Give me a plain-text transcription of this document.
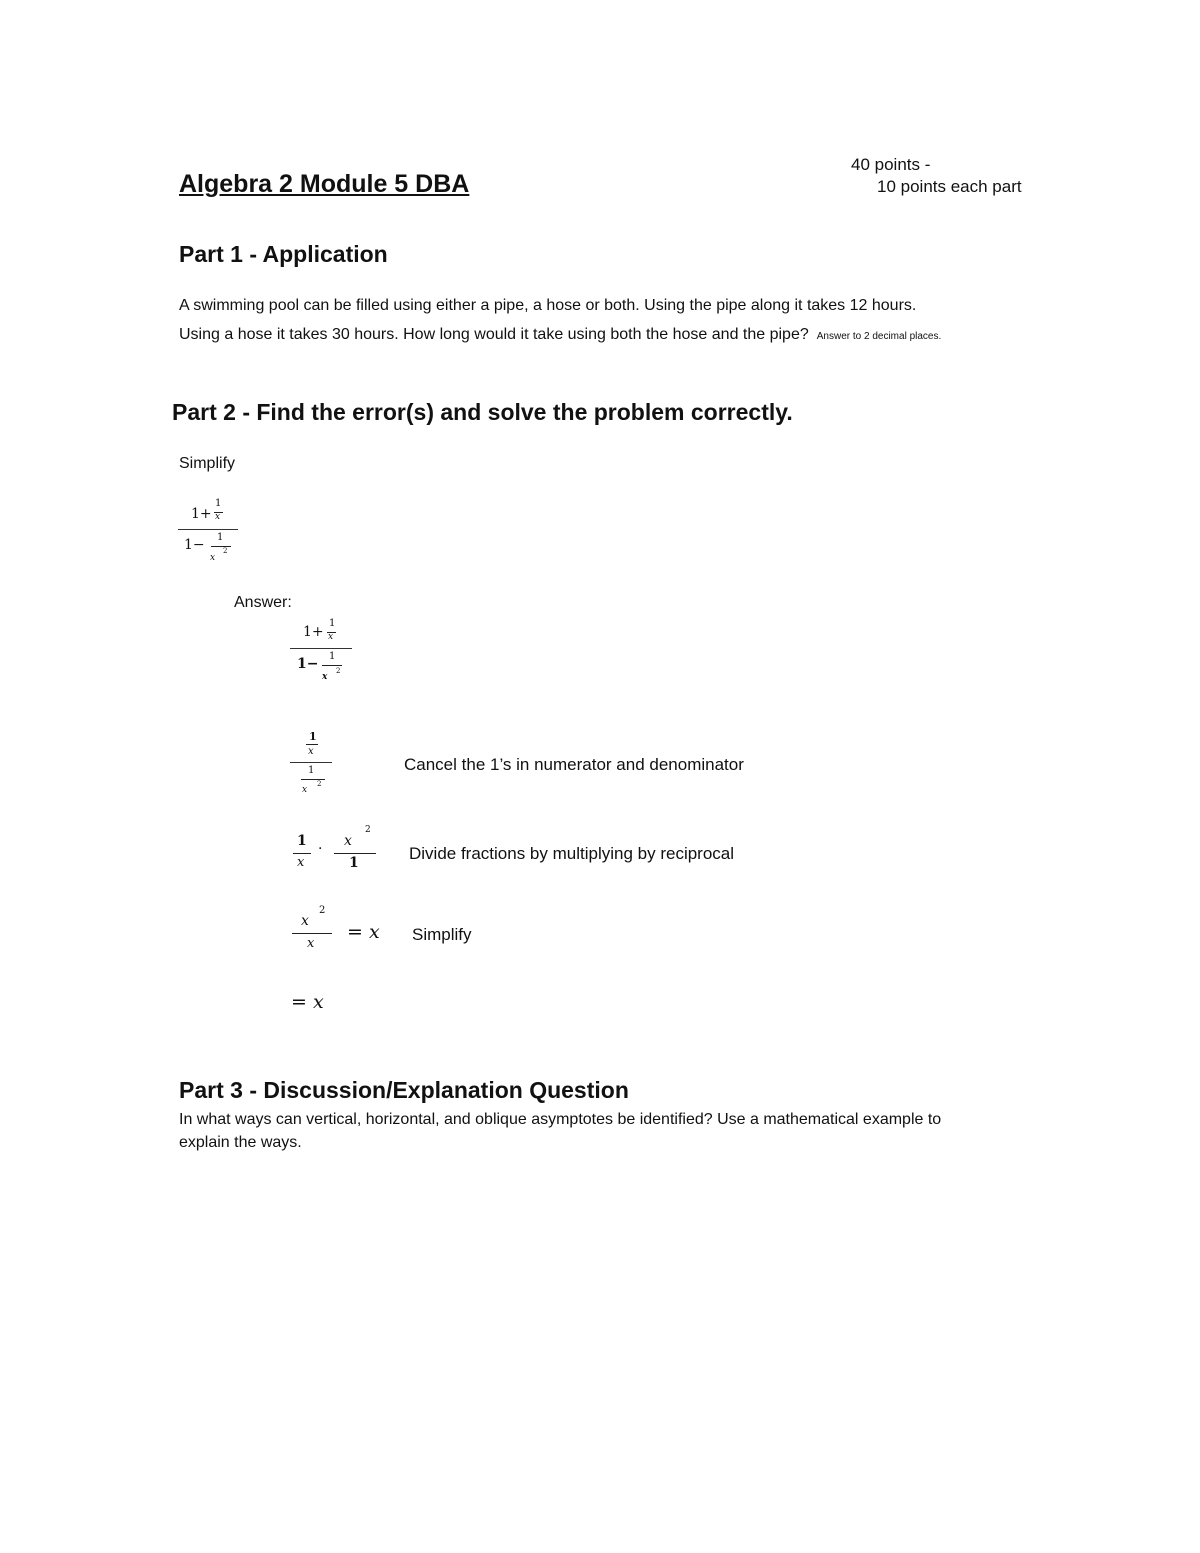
Algebra 2 Module 5 DBA
40 points -
10 points each part
Part 1 - Application
A swimming pool can be filled using either a pipe, a hose or both. Using the pipe along it takes 12 hours.
Using a hose it takes 30 hours. How long would it take using both the hose and the pipe? Answer to 2 decimal places.
Part 2 - Find the error(s) and solve the problem correctly.
Simplify
1+
1
x
1− 1
x
2
Answer:
1+
1
x
1− 1
x
2
1
x
1
x
2
Cancel the 1’s in numerator and denominator
1
x
· x
2
1	Divide fractions by multiplying by reciprocal
x
2
x
= x Simplify
= x
Part 3 - Discussion/Explanation Question
In what ways can vertical, horizontal, and oblique asymptotes be identified? Use a mathematical example to
explain the ways.
